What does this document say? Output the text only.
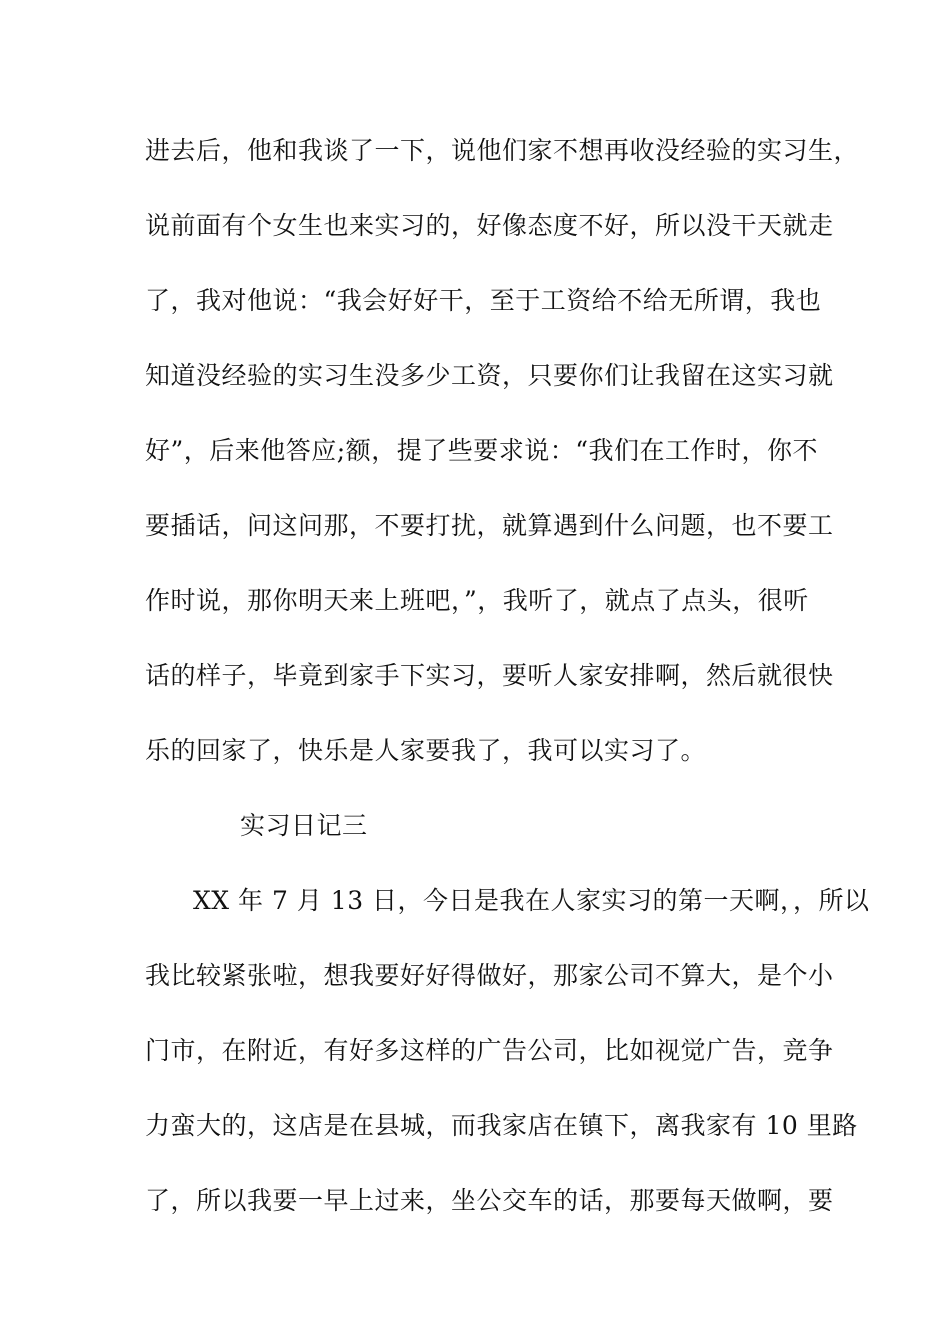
进去后，他和我谈了一下，说他们家不想再收没经验的实习生，
说前面有个女生也来实习的，好像态度不好，所以没干天就走
了，我对他说：“我会好好干，至于工资给不给无所谓，我也
知道没经验的实习生没多少工资，只要你们让我留在这实习就
好”，后来他答应;额，提了些要求说：“我们在工作时，你不
要插话，问这问那，不要打扰，就算遇到什么问题，也不要工
作时说，那你明天来上班吧，”，我听了，就点了点头，很听
话的样子，毕竟到家手下实习，要听人家安排啊，然后就很快
乐的回家了，快乐是人家要我了，我可以实习了。
实习日记三
XX 年 7 月 13 日，今日是我在人家实习的第一天啊，，所以
我比较紧张啦，想我要好好得做好，那家公司不算大，是个小
门市，在附近，有好多这样的广告公司，比如视觉广告，竞争
力蛮大的，这店是在县城，而我家店在镇下，离我家有 10 里路
了，所以我要一早上过来，坐公交车的话，那要每天做啊，要
